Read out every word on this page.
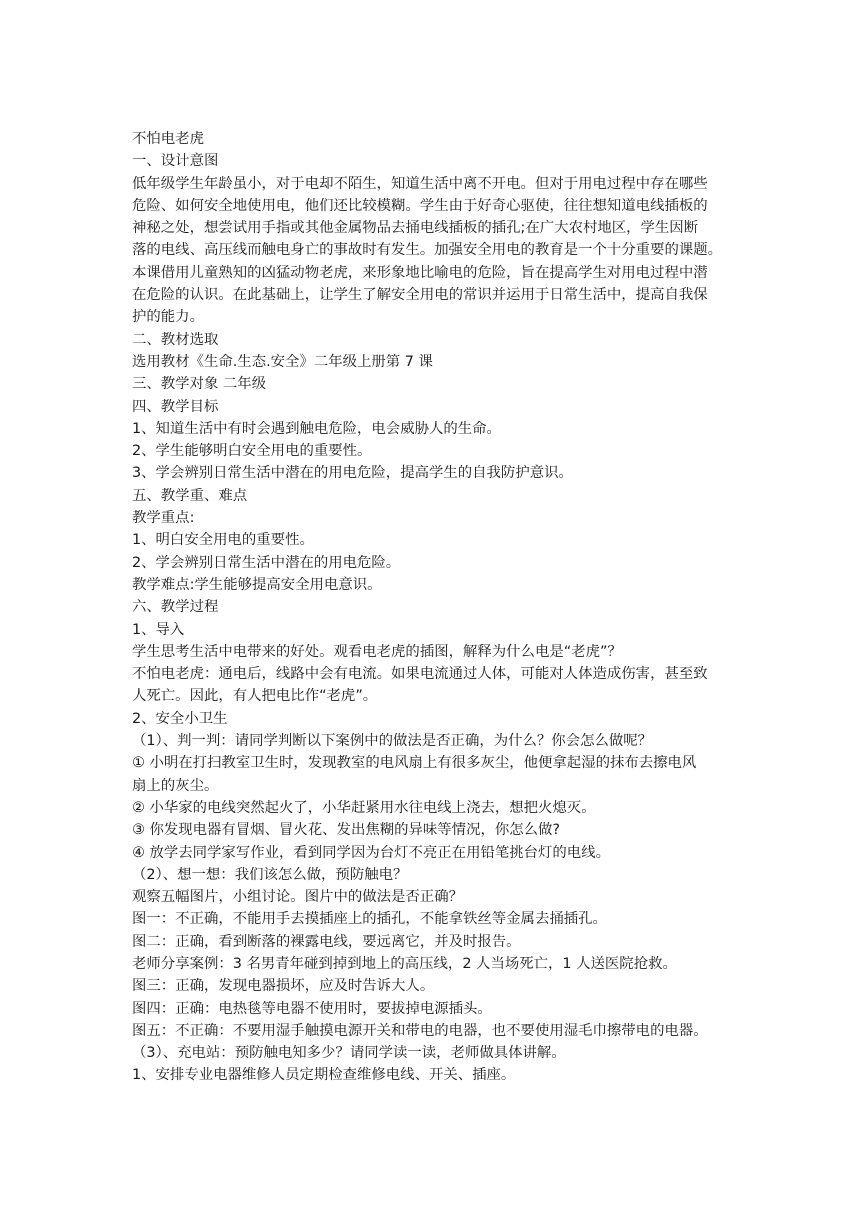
不怕电老虎
一、设计意图
低年级学生年龄虽小，对于电却不陌生，知道生活中离不开电。但对于用电过程中存在哪些
危险、如何安全地使用电，他们还比较模糊。学生由于好奇心驱使，往往想知道电线插板的
神秘之处，想尝试用手指或其他金属物品去捅电线插板的插孔;在广大农村地区，学生因断
落的电线、高压线而触电身亡的事故时有发生。加强安全用电的教育是一个十分重要的课题。
本课借用儿童熟知的凶猛动物老虎，来形象地比喻电的危险，旨在提高学生对用电过程中潜
在危险的认识。在此基础上，让学生了解安全用电的常识并运用于日常生活中，提高自我保
护的能力。
二、教材选取
选用教材《生命.生态.安全》二年级上册第 7 课
三、教学对象 二年级
四、教学目标
1、知道生活中有时会遇到触电危险，电会威胁人的生命。
2、学生能够明白安全用电的重要性。
3、学会辨别日常生活中潜在的用电危险，提高学生的自我防护意识。
五、教学重、难点
教学重点:
1、明白安全用电的重要性。
2、学会辨别日常生活中潜在的用电危险。
教学难点:学生能够提高安全用电意识。
六、教学过程
1、导入
学生思考生活中电带来的好处。观看电老虎的插图，解释为什么电是“老虎”？
不怕电老虎：通电后，线路中会有电流。如果电流通过人体，可能对人体造成伤害，甚至致
人死亡。因此，有人把电比作“老虎”。
2、安全小卫生
（1）、判一判：请同学判断以下案例中的做法是否正确，为什么？你会怎么做呢？
① 小明在打扫教室卫生时，发现教室的电风扇上有很多灰尘，他便拿起湿的抹布去擦电风
扇上的灰尘。
② 小华家的电线突然起火了，小华赶紧用水往电线上浇去，想把火熄灭。
③ 你发现电器有冒烟、冒火花、发出焦糊的异味等情况，你怎么做?
④ 放学去同学家写作业，看到同学因为台灯不亮正在用铅笔挑台灯的电线。
（2）、想一想：我们该怎么做，预防触电？
观察五幅图片，小组讨论。图片中的做法是否正确？
图一：不正确，不能用手去摸插座上的插孔，不能拿铁丝等金属去捅插孔。
图二：正确，看到断落的裸露电线，要远离它，并及时报告。
老师分享案例：3 名男青年碰到掉到地上的高压线，2 人当场死亡，1 人送医院抢救。
图三：正确，发现电器损坏，应及时告诉大人。
图四：正确：电热毯等电器不使用时，要拔掉电源插头。
图五：不正确：不要用湿手触摸电源开关和带电的电器，也不要使用湿毛巾擦带电的电器。
（3）、充电站：预防触电知多少？请同学读一读，老师做具体讲解。
1、安排专业电器维修人员定期检查维修电线、开关、插座。
